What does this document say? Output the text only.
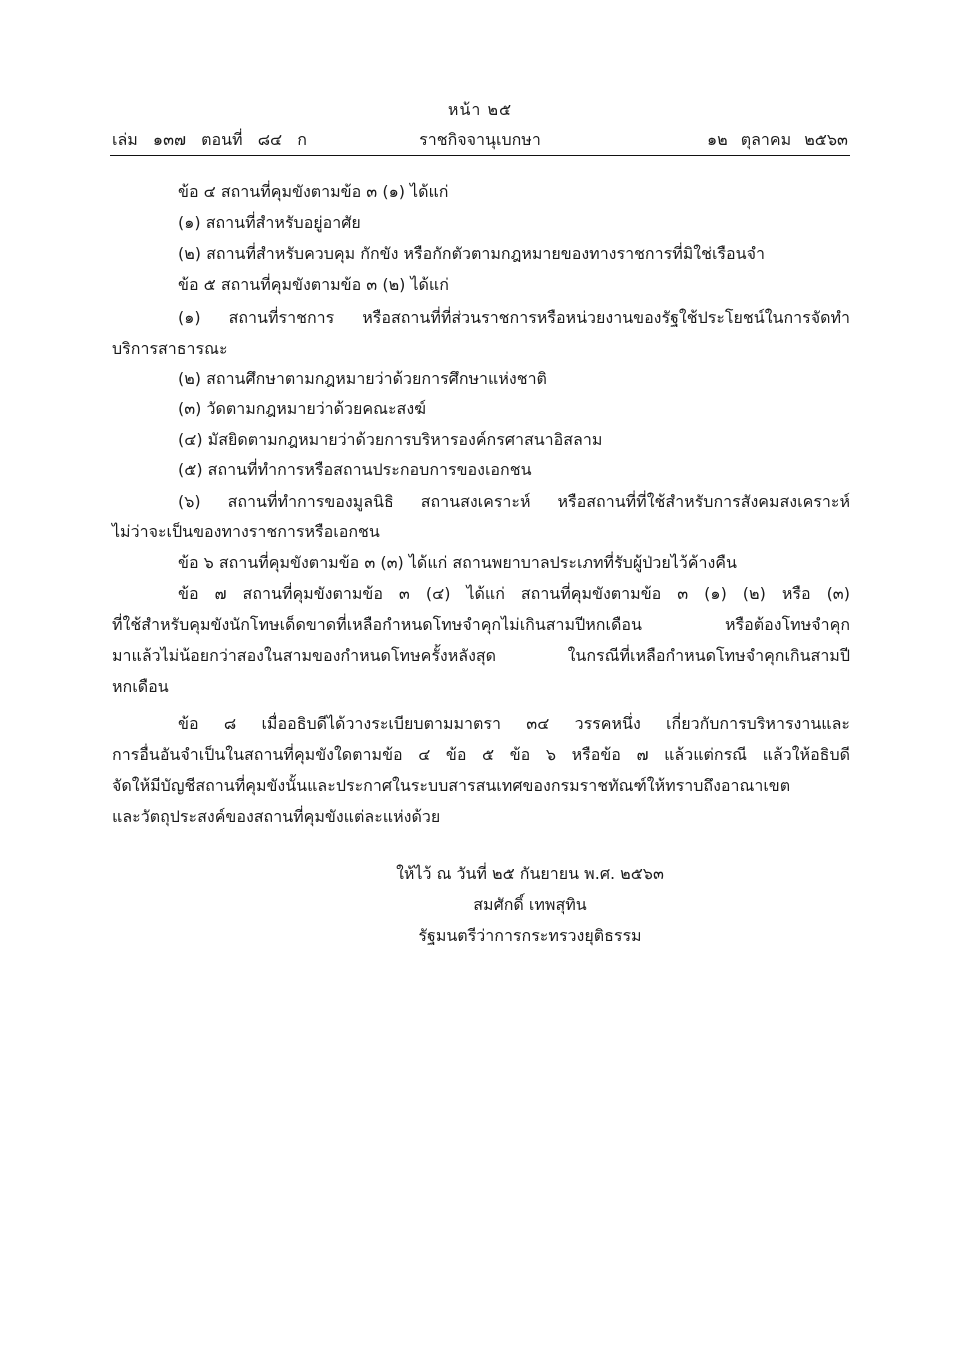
หน้า ๒๕
เล่ม ๑๓๗ ตอนที่ ๘๔ ก	ราชกิจจานุเบกษา	๑๒ ตุลาคม ๒๕๖๓
ข้อ ๔ สถานที่คุมขังตามข้อ ๓ (๑) ได้แก่
(๑) สถานที่สำหรับอยู่อาศัย
(๒) สถานที่สำหรับควบคุม กักขัง หรือกักตัวตามกฎหมายของทางราชการที่มิใช่เรือนจำ
ข้อ ๕ สถานที่คุมขังตามข้อ ๓ (๒) ได้แก่
(๑) สถานที่ราชการ หรือสถานที่ที่ส่วนราชการหรือหน่วยงานของรัฐใช้ประโยชน์ในการจัดทำ
บริการสาธารณะ
(๒) สถานศึกษาตามกฎหมายว่าด้วยการศึกษาแห่งชาติ
(๓) วัดตามกฎหมายว่าด้วยคณะสงฆ์
(๔) มัสยิดตามกฎหมายว่าด้วยการบริหารองค์กรศาสนาอิสลาม
(๕) สถานที่ทำการหรือสถานประกอบการของเอกชน
(๖) สถานที่ทำการของมูลนิธิ สถานสงเคราะห์ หรือสถานที่ที่ใช้สำหรับการสังคมสงเคราะห์
ไม่ว่าจะเป็นของทางราชการหรือเอกชน
ข้อ ๖ สถานที่คุมขังตามข้อ ๓ (๓) ได้แก่ สถานพยาบาลประเภทที่รับผู้ป่วยไว้ค้างคืน
ข้อ ๗ สถานที่คุมขังตามข้อ ๓ (๔) ได้แก่ สถานที่คุมขังตามข้อ ๓ (๑) (๒) หรือ (๓)
ที่ใช้สำหรับคุมขังนักโทษเด็ดขาดที่เหลือกำหนดโทษจำคุกไม่เกินสามปีหกเดือน หรือต้องโทษจำคุก
มาแล้วไม่น้อยกว่าสองในสามของกำหนดโทษครั้งหลังสุด ในกรณีที่เหลือกำหนดโทษจำคุกเกินสามปี
หกเดือน
ข้อ ๘ เมื่ออธิบดีได้วางระเบียบตามมาตรา ๓๔ วรรคหนึ่ง เกี่ยวกับการบริหารงานและ
การอื่นอันจำเป็นในสถานที่คุมขังใดตามข้อ ๔ ข้อ ๕ ข้อ ๖ หรือข้อ ๗ แล้วแต่กรณี แล้วให้อธิบดี
จัดให้มีบัญชีสถานที่คุมขังนั้นและประกาศในระบบสารสนเทศของกรมราชทัณฑ์ให้ทราบถึงอาณาเขต
และวัตถุประสงค์ของสถานที่คุมขังแต่ละแห่งด้วย
ให้ไว้ ณ วันที่ ๒๕ กันยายน พ.ศ. ๒๕๖๓
สมศักดิ์ เทพสุทิน
รัฐมนตรีว่าการกระทรวงยุติธรรม
